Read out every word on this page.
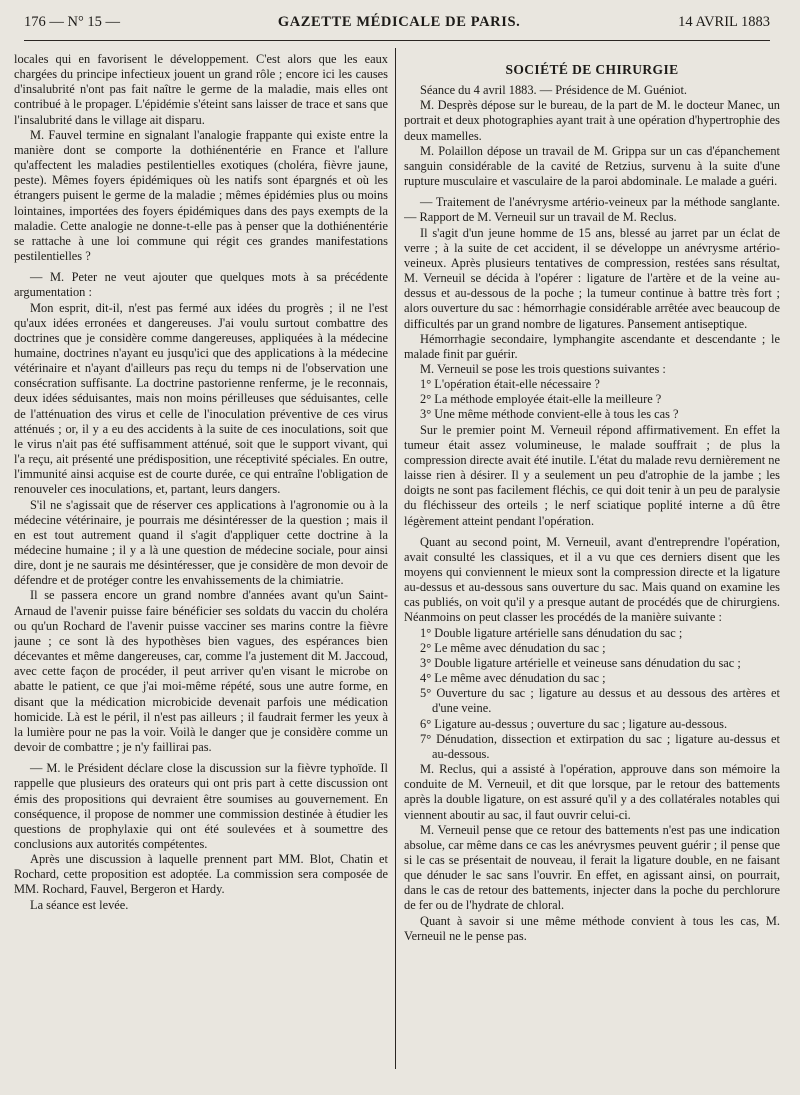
176 — N° 15 —	GAZETTE MÉDICALE DE PARIS.	14 AVRIL 1883

locales qui en favorisent le développement. C'est alors que les eaux chargées du principe infectieux jouent un grand rôle ; encore ici les causes d'insalubrité n'ont pas fait naître le germe de la maladie, mais elles ont contribué à le propager. L'épidémie s'éteint sans laisser de trace et sans que l'insalubrité dans le village ait disparu.

M. Fauvel termine en signalant l'analogie frappante qui existe entre la manière dont se comporte la dothiénentérie en France et l'allure qu'affectent les maladies pestilentielles exotiques (choléra, fièvre jaune, peste). Mêmes foyers épidémiques où les natifs sont épargnés et où les étrangers puisent le germe de la maladie ; mêmes épidémies plus ou moins lointaines, importées des foyers épidémiques dans des pays exempts de la maladie. Cette analogie ne donne-t-elle pas à penser que la dothiénentérie se rattache à une loi commune qui régit ces grandes manifestations pestilentielles ?

— M. Peter ne veut ajouter que quelques mots à sa précédente argumentation :

Mon esprit, dit-il, n'est pas fermé aux idées du progrès ; il ne l'est qu'aux idées erronées et dangereuses. J'ai voulu surtout combattre des doctrines que je considère comme dangereuses, appliquées à la médecine humaine, doctrines n'ayant eu jusqu'ici que des applications à la médecine vétérinaire et n'ayant d'ailleurs pas reçu du temps ni de l'observation une consécration suffisante. La doctrine pastorienne renferme, je le reconnais, deux idées séduisantes, mais non moins périlleuses que séduisantes, celle de l'atténuation des virus et celle de l'inoculation préventive de ces virus atténués ; or, il y a eu des accidents à la suite de ces inoculations, soit que le virus n'ait pas été suffisamment atténué, soit que le support vivant, qui l'a reçu, ait présenté une prédisposition, une réceptivité spéciales. En outre, l'immunité ainsi acquise est de courte durée, ce qui entraîne l'obligation de renouveler ces inoculations, et, partant, leurs dangers.

S'il ne s'agissait que de réserver ces applications à l'agronomie ou à la médecine vétérinaire, je pourrais me désintéresser de la question ; mais il en est tout autrement quand il s'agit d'appliquer cette doctrine à la médecine humaine ; il y a là une question de médecine sociale, pour ainsi dire, dont je ne saurais me désintéresser, que je considère de mon devoir de défendre et de protéger contre les envahissements de la chimiatrie.

Il se passera encore un grand nombre d'années avant qu'un Saint-Arnaud de l'avenir puisse faire bénéficier ses soldats du vaccin du choléra ou qu'un Rochard de l'avenir puisse vacciner ses marins contre la fièvre jaune ; ce sont là des hypothèses bien vagues, des espérances bien décevantes et même dangereuses, car, comme l'a justement dit M. Jaccoud, avec cette façon de procéder, il peut arriver qu'en visant le microbe on abatte le patient, ce que j'ai moi-même répété, sous une autre forme, en disant que la médication microbicide devenait parfois une médication homicide. Là est le péril, il n'est pas ailleurs ; il faudrait fermer les yeux à la lumière pour ne pas la voir. Voilà le danger que je considère comme un devoir de combattre ; je n'y faillirai pas.

— M. le Président déclare close la discussion sur la fièvre typhoïde. Il rappelle que plusieurs des orateurs qui ont pris part à cette discussion ont émis des propositions qui devraient être soumises au gouvernement. En conséquence, il propose de nommer une commission destinée à étudier les questions de prophylaxie qui ont été soulevées et à soumettre des conclusions aux autorités compétentes.

Après une discussion à laquelle prennent part MM. Blot, Chatin et Rochard, cette proposition est adoptée. La commission sera composée de MM. Rochard, Fauvel, Bergeron et Hardy.

La séance est levée.

SOCIÉTÉ DE CHIRURGIE

Séance du 4 avril 1883. — Présidence de M. Guéniot.

M. Desprès dépose sur le bureau, de la part de M. le docteur Manec, un portrait et deux photographies ayant trait à une opération d'hypertrophie des deux mamelles.

M. Polaillon dépose un travail de M. Grippa sur un cas d'épanchement sanguin considérable de la cavité de Retzius, survenu à la suite d'une rupture musculaire et vasculaire de la paroi abdominale. Le malade a guéri.

— Traitement de l'anévrysme artério-veineux par la méthode sanglante. — Rapport de M. Verneuil sur un travail de M. Reclus.

Il s'agit d'un jeune homme de 15 ans, blessé au jarret par un éclat de verre ; à la suite de cet accident, il se développe un anévrysme artério-veineux. Après plusieurs tentatives de compression, restées sans résultat, M. Verneuil se décida à l'opérer : ligature de l'artère et de la veine au-dessus et au-dessous de la poche ; la tumeur continue à battre très fort ; alors ouverture du sac : hémorrhagie considérable arrêtée avec beaucoup de difficultés par un grand nombre de ligatures. Pansement antiseptique.

Hémorrhagie secondaire, lymphangite ascendante et descendante ; le malade finit par guérir.

M. Verneuil se pose les trois questions suivantes :

1° L'opération était-elle nécessaire ?
2° La méthode employée était-elle la meilleure ?
3° Une même méthode convient-elle à tous les cas ?

Sur le premier point M. Verneuil répond affirmativement. En effet la tumeur était assez volumineuse, le malade souffrait ; de plus la compression directe avait été inutile. L'état du malade revu dernièrement ne laisse rien à désirer. Il y a seulement un peu d'atrophie de la jambe ; les doigts ne sont pas facilement fléchis, ce qui doit tenir à un peu de paralysie du fléchisseur des orteils ; le nerf sciatique poplité interne a dû être légèrement atteint pendant l'opération.

Quant au second point, M. Verneuil, avant d'entreprendre l'opération, avait consulté les classiques, et il a vu que ces derniers disent que les moyens qui conviennent le mieux sont la compression directe et la ligature au-dessus et au-dessous sans ouverture du sac. Mais quand on examine les cas publiés, on voit qu'il y a presque autant de procédés que de chirurgiens. Néanmoins on peut classer les procédés de la manière suivante :

1° Double ligature artérielle sans dénudation du sac ;
2° Le même avec dénudation du sac ;
3° Double ligature artérielle et veineuse sans dénudation du sac ;
4° Le même avec dénudation du sac ;
5° Ouverture du sac ; ligature au dessus et au dessous des artères et d'une veine.
6° Ligature au-dessus ; ouverture du sac ; ligature au-dessous.
7° Dénudation, dissection et extirpation du sac ; ligature au-dessus et au-dessous.

M. Reclus, qui a assisté à l'opération, approuve dans son mémoire la conduite de M. Verneuil, et dit que lorsque, par le retour des battements après la double ligature, on est assuré qu'il y a des collatérales notables qui viennent aboutir au sac, il faut ouvrir celui-ci.

M. Verneuil pense que ce retour des battements n'est pas une indication absolue, car même dans ce cas les anévrysmes peuvent guérir ; il pense que si le cas se présentait de nouveau, il ferait la ligature double, en ne faisant que dénuder le sac sans l'ouvrir. En effet, en agissant ainsi, on pourrait, dans le cas de retour des battements, injecter dans la poche du perchlorure de fer ou de l'hydrate de chloral.

Quant à savoir si une même méthode convient à tous les cas, M. Verneuil ne le pense pas.
